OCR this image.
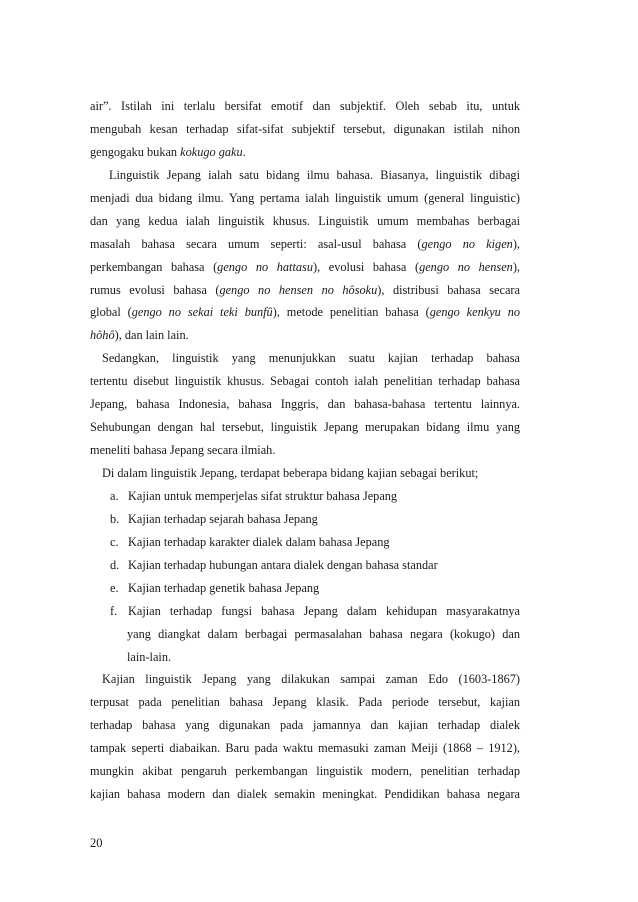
air”. Istilah ini terlalu bersifat emotif dan subjektif. Oleh sebab itu, untuk
mengubah kesan terhadap sifat-sifat subjektif tersebut, digunakan istilah nihon
gengogaku bukan kokugo gaku.
Linguistik Jepang ialah satu bidang ilmu bahasa. Biasanya, linguistik dibagi
menjadi dua bidang ilmu. Yang pertama ialah linguistik umum (general linguistic)
dan yang kedua ialah linguistik khusus. Linguistik umum membahas berbagai
masalah bahasa secara umum seperti: asal-usul bahasa (gengo no kigen),
perkembangan bahasa (gengo no hattasu), evolusi bahasa (gengo no hensen),
rumus evolusi bahasa (gengo no hensen no hôsoku), distribusi bahasa secara
global (gengo no sekai teki bunfû), metode penelitian bahasa (gengo kenkyu no
hôhô), dan lain lain.
Sedangkan, linguistik yang menunjukkan suatu kajian terhadap bahasa
tertentu disebut linguistik khusus. Sebagai contoh ialah penelitian terhadap bahasa
Jepang, bahasa Indonesia, bahasa Inggris, dan bahasa-bahasa tertentu lainnya.
Sehubungan dengan hal tersebut, linguistik Jepang merupakan bidang ilmu yang
meneliti bahasa Jepang secara ilmiah.
Di dalam linguistik Jepang, terdapat beberapa bidang kajian sebagai berikut;
a. Kajian untuk memperjelas sifat struktur bahasa Jepang
b. Kajian terhadap sejarah bahasa Jepang
c. Kajian terhadap karakter dialek dalam bahasa Jepang
d. Kajian terhadap hubungan antara dialek dengan bahasa standar
e. Kajian terhadap genetik bahasa Jepang
f. Kajian terhadap fungsi bahasa Jepang dalam kehidupan masyarakatnya
yang diangkat dalam berbagai permasalahan bahasa negara (kokugo) dan
lain-lain.
Kajian linguistik Jepang yang dilakukan sampai zaman Edo (1603-1867)
terpusat pada penelitian bahasa Jepang klasik. Pada periode tersebut, kajian
terhadap bahasa yang digunakan pada jamannya dan kajian terhadap dialek
tampak seperti diabaikan. Baru pada waktu memasuki zaman Meiji (1868 – 1912),
mungkin akibat pengaruh perkembangan linguistik modern, penelitian terhadap
kajian bahasa modern dan dialek semakin meningkat. Pendidikan bahasa negara
20
